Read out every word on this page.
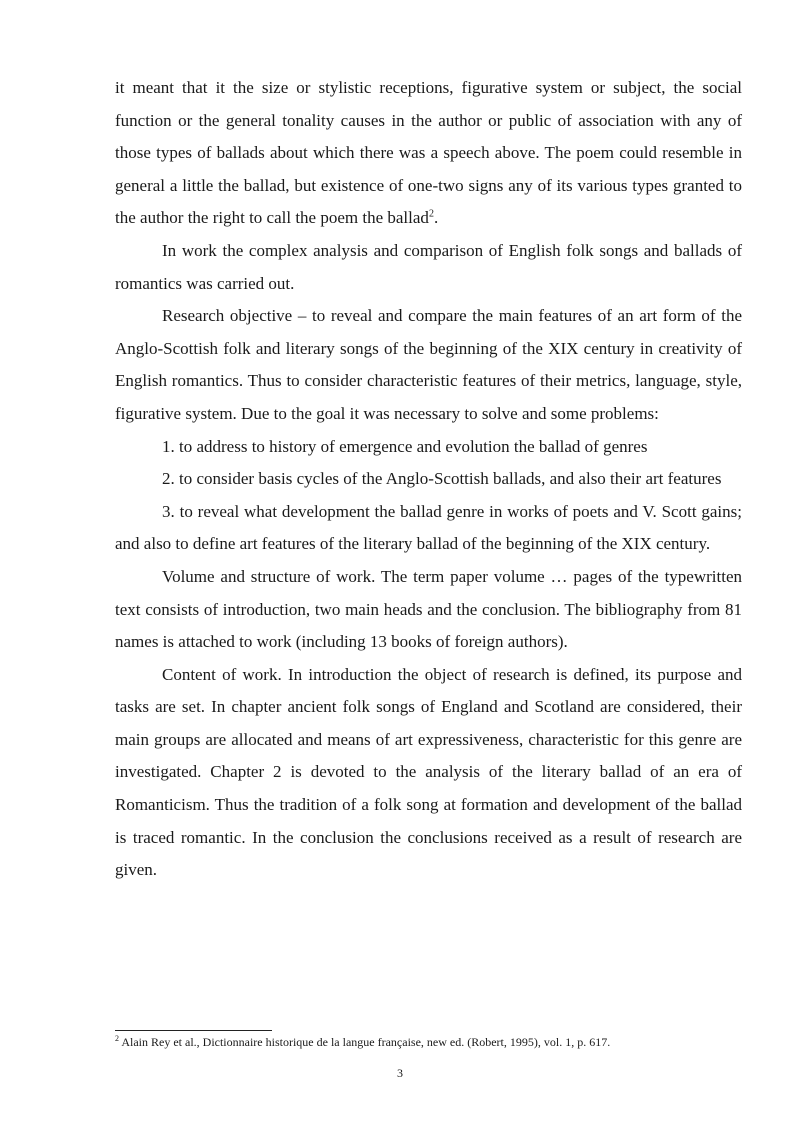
it meant that it the size or stylistic receptions, figurative system or subject, the social function or the general tonality causes in the author or public of association with any of those types of ballads about which there was a speech above. The poem could resemble in general a little the ballad, but existence of one-two signs any of its various types granted to the author the right to call the poem the ballad$^2$.

In work the complex analysis and comparison of English folk songs and ballads of romantics was carried out.

Research objective – to reveal and compare the main features of an art form of the Anglo-Scottish folk and literary songs of the beginning of the XIX century in creativity of English romantics. Thus to consider characteristic features of their metrics, language, style, figurative system. Due to the goal it was necessary to solve and some problems:

1. to address to history of emergence and evolution the ballad of genres

2. to consider basis cycles of the Anglo-Scottish ballads, and also their art features

3. to reveal what development the ballad genre in works of poets and V. Scott gains; and also to define art features of the literary ballad of the beginning of the XIX century.

Volume and structure of work. The term paper volume … pages of the typewritten text consists of introduction, two main heads and the conclusion. The bibliography from 81 names is attached to work (including 13 books of foreign authors).

Content of work. In introduction the object of research is defined, its purpose and tasks are set. In chapter ancient folk songs of England and Scotland are considered, their main groups are allocated and means of art expressiveness, characteristic for this genre are investigated. Chapter 2 is devoted to the analysis of the literary ballad of an era of Romanticism. Thus the tradition of a folk song at formation and development of the ballad is traced romantic. In the conclusion the conclusions received as a result of research are given.

$^2$ Alain Rey et al., Dictionnaire historique de la langue française, new ed. (Robert, 1995), vol. 1, p. 617.
3
